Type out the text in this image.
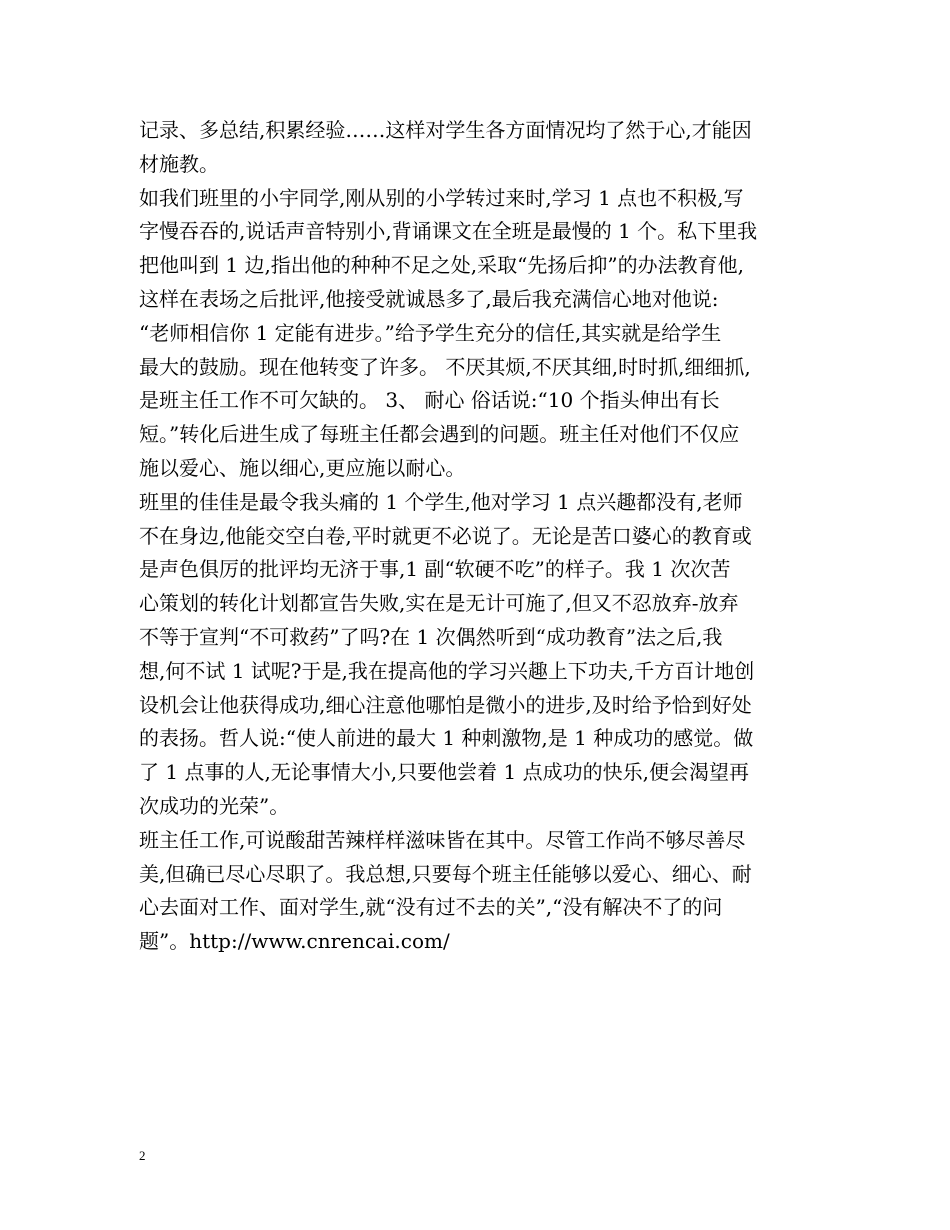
记录、多总结,积累经验……这样对学生各方面情况均了然于心,才能因
材施教。
如我们班里的小宇同学,刚从别的小学转过来时,学习 1 点也不积极,写
字慢吞吞的,说话声音特别小,背诵课文在全班是最慢的 1 个。私下里我
把他叫到 1 边,指出他的种种不足之处,采取“先扬后抑”的办法教育他,
这样在表场之后批评,他接受就诚恳多了,最后我充满信心地对他说:
“老师相信你 1 定能有进步。”给予学生充分的信任,其实就是给学生
最大的鼓励。现在他转变了许多。 不厌其烦,不厌其细,时时抓,细细抓,
是班主任工作不可欠缺的。 3、 耐心 俗话说:“10 个指头伸出有长
短。”转化后进生成了每班主任都会遇到的问题。班主任对他们不仅应
施以爱心、施以细心,更应施以耐心。
班里的佳佳是最令我头痛的 1 个学生,他对学习 1 点兴趣都没有,老师
不在身边,他能交空白卷,平时就更不必说了。无论是苦口婆心的教育或
是声色俱厉的批评均无济于事,1 副“软硬不吃”的样子。我 1 次次苦
心策划的转化计划都宣告失败,实在是无计可施了,但又不忍放弃-放弃
不等于宣判“不可救药”了吗?在 1 次偶然听到“成功教育”法之后,我
想,何不试 1 试呢?于是,我在提高他的学习兴趣上下功夫,千方百计地创
设机会让他获得成功,细心注意他哪怕是微小的进步,及时给予恰到好处
的表扬。哲人说:“使人前进的最大 1 种刺激物,是 1 种成功的感觉。做
了 1 点事的人,无论事情大小,只要他尝着 1 点成功的快乐,便会渴望再
次成功的光荣”。
班主任工作,可说酸甜苦辣样样滋味皆在其中。尽管工作尚不够尽善尽
美,但确已尽心尽职了。我总想,只要每个班主任能够以爱心、细心、耐
心去面对工作、面对学生,就“没有过不去的关”,“没有解决不了的问
题”。http://www.cnrencai.com/
2
